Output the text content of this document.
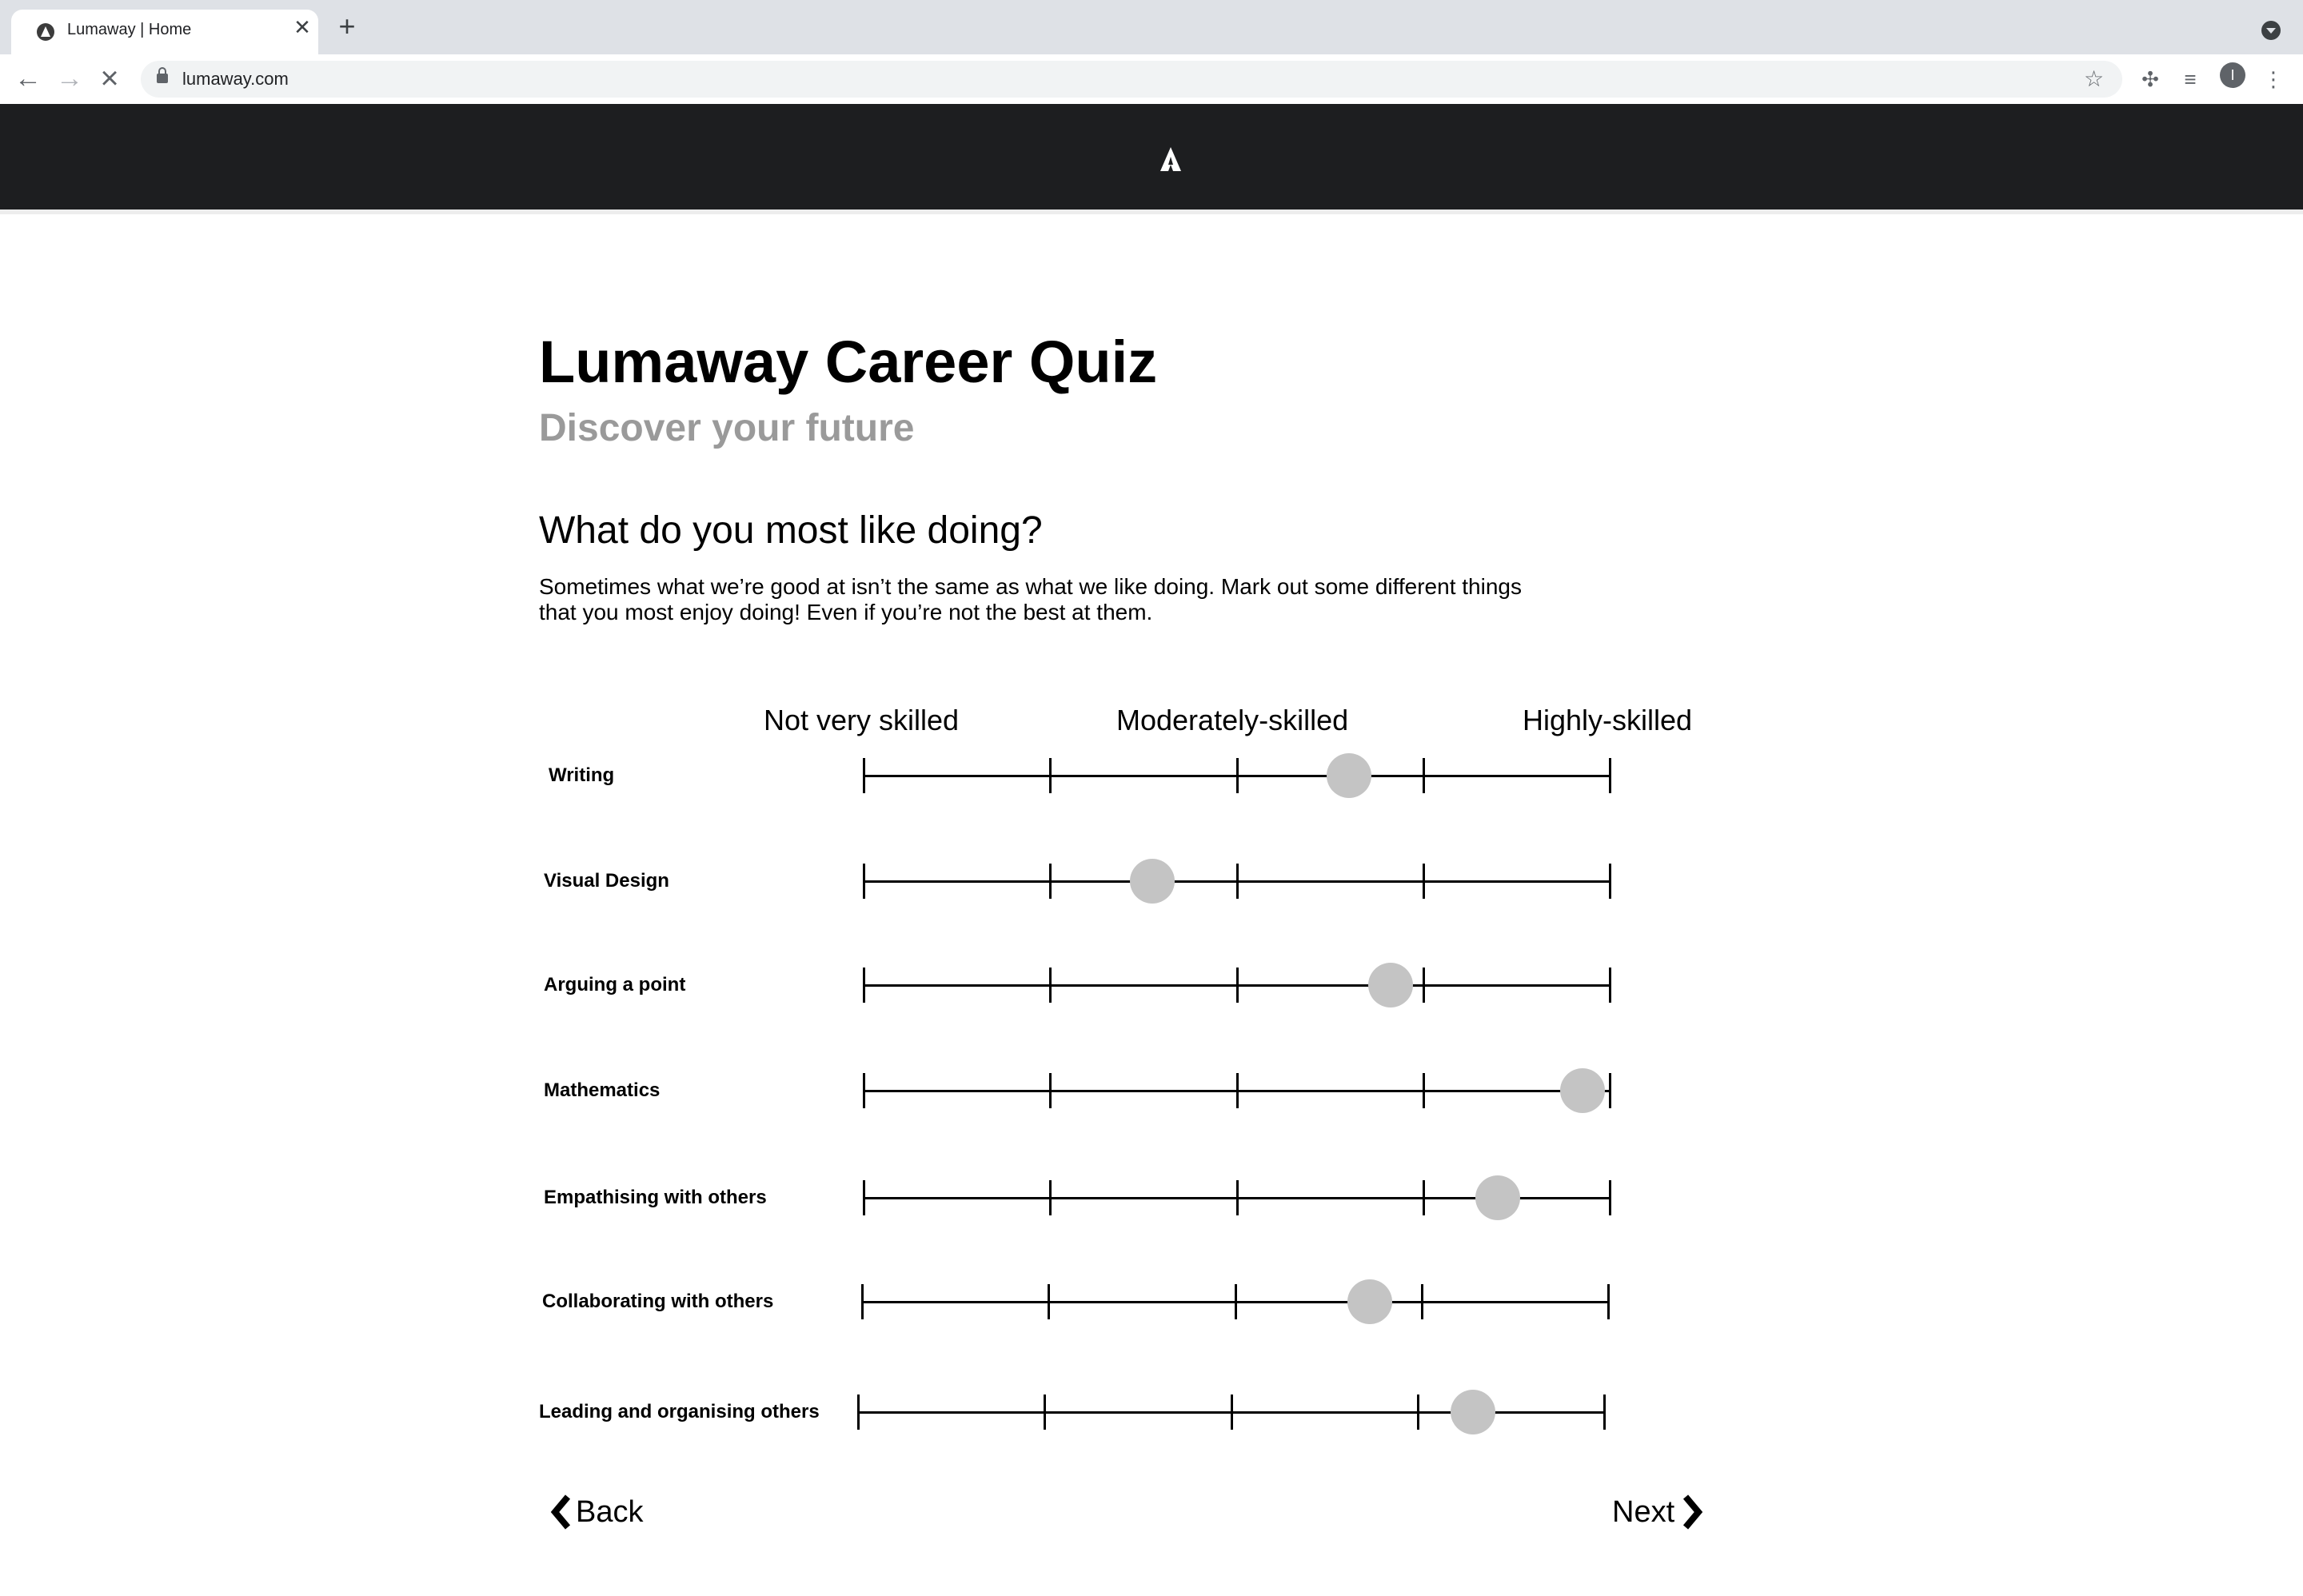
Lumaway | Home	✕ +
← → ×	lumaway.com	☆ ✣ ≡	⋮
I
Lumaway Career Quiz
Discover your future
What do you most like doing?

Sometimes what we’re good at isn’t the same as what we like doing. Mark out some different things that you most enjoy doing! Even if you’re not the best at them.

Not very skilled	Moderately-skilled	Highly-skilled
Writing
Visual Design
Arguing a point
Mathematics
Empathising with others
Collaborating with others
Leading and organising others
Back	Next
